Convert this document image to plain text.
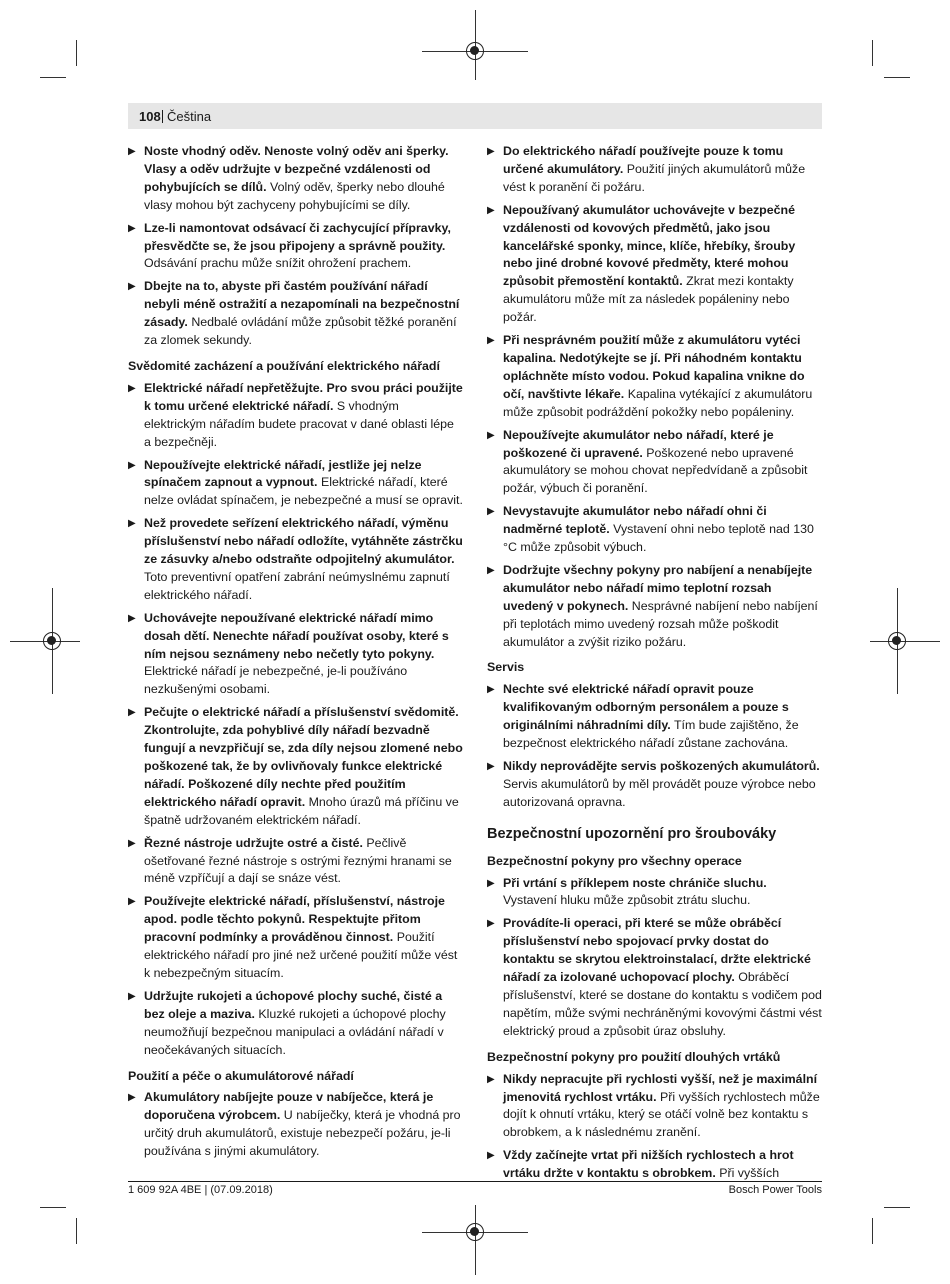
108 Čeština
▶ Noste vhodný oděv. Nenoste volný oděv ani šperky. Vlasy a oděv udržujte v bezpečné vzdálenosti od pohybujících se dílů. Volný oděv, šperky nebo dlouhé vlasy mohou být zachyceny pohybujícími se díly.
▶ Lze-li namontovat odsávací či zachycující přípravky, přesvědčte se, že jsou připojeny a správně použity. Odsávání prachu může snížit ohrožení prachem.
▶ Dbejte na to, abyste při častém používání nářadí nebyli méně ostražití a nezapomínali na bezpečnostní zásady. Nedbalé ovládání může způsobit těžké poranění za zlomek sekundy.
Svědomité zacházení a používání elektrického nářadí
▶ Elektrické nářadí nepřetěžujte. Pro svou práci použijte k tomu určené elektrické nářadí. S vhodným elektrickým nářadím budete pracovat v dané oblasti lépe a bezpečněji.
▶ Nepoužívejte elektrické nářadí, jestliže jej nelze spínačem zapnout a vypnout. Elektrické nářadí, které nelze ovládat spínačem, je nebezpečné a musí se opravit.
▶ Než provedete seřízení elektrického nářadí, výměnu příslušenství nebo nářadí odložíte, vytáhněte zástrčku ze zásuvky a/nebo odstraňte odpojitelný akumulátor. Toto preventivní opatření zabrání neúmyslnému zapnutí elektrického nářadí.
▶ Uchovávejte nepoužívané elektrické nářadí mimo dosah dětí. Nenechte nářadí používat osoby, které s ním nejsou seznámeny nebo nečetly tyto pokyny. Elektrické nářadí je nebezpečné, je-li používáno nezkušenými osobami.
▶ Pečujte o elektrické nářadí a příslušenství svědomitě. Zkontrolujte, zda pohyblivé díly nářadí bezvadně fungují a nevzpřičují se, zda díly nejsou zlomené nebo poškozené tak, že by ovlivňovaly funkce elektrické nářadí. Poškozené díly nechte před použitím elektrického nářadí opravit. Mnoho úrazů má příčinu ve špatně udržovaném elektrickém nářadí.
▶ Řezné nástroje udržujte ostré a čisté. Pečlivě ošetřované řezné nástroje s ostrými řeznými hranami se méně vzpříčují a dají se snáze vést.
▶ Používejte elektrické nářadí, příslušenství, nástroje apod. podle těchto pokynů. Respektujte přitom pracovní podmínky a prováděnou činnost. Použití elektrického nářadí pro jiné než určené použití může vést k nebezpečným situacím.
▶ Udržujte rukojeti a úchopové plochy suché, čisté a bez oleje a maziva. Kluzké rukojeti a úchopové plochy neumožňují bezpečnou manipulaci a ovládání nářadí v neočekávaných situacích.
Použití a péče o akumulátorové nářadí
▶ Akumulátory nabíjejte pouze v nabíječce, která je doporučena výrobcem. U nabíječky, která je vhodná pro určitý druh akumulátorů, existuje nebezpečí požáru, je-li používána s jinými akumulátory.
▶ Do elektrického nářadí používejte pouze k tomu určené akumulátory. Použití jiných akumulátorů může vést k poranění či požáru.
▶ Nepoužívaný akumulátor uchovávejte v bezpečné vzdálenosti od kovových předmětů, jako jsou kancelářské sponky, mince, klíče, hřebíky, šrouby nebo jiné drobné kovové předměty, které mohou způsobit přemostění kontaktů. Zkrat mezi kontakty akumulátoru může mít za následek popáleniny nebo požár.
▶ Při nesprávném použití může z akumulátoru vytéci kapalina. Nedotýkejte se jí. Při náhodném kontaktu opláchněte místo vodou. Pokud kapalina vnikne do očí, navštivte lékaře. Kapalina vytékající z akumulátoru může způsobit podráždění pokožky nebo popáleniny.
▶ Nepoužívejte akumulátor nebo nářadí, které je poškozené či upravené. Poškozené nebo upravené akumulátory se mohou chovat nepředvídaně a způsobit požár, výbuch či poranění.
▶ Nevystavujte akumulátor nebo nářadí ohni či nadměrné teplotě. Vystavení ohni nebo teplotě nad 130 °C může způsobit výbuch.
▶ Dodržujte všechny pokyny pro nabíjení a nenabíjejte akumulátor nebo nářadí mimo teplotní rozsah uvedený v pokynech. Nesprávné nabíjení nebo nabíjení při teplotách mimo uvedený rozsah může poškodit akumulátor a zvýšit riziko požáru.
Servis
▶ Nechte své elektrické nářadí opravit pouze kvalifikovaným odborným personálem a pouze s originálními náhradními díly. Tím bude zajištěno, že bezpečnost elektrického nářadí zůstane zachována.
▶ Nikdy neprovádějte servis poškozených akumulátorů. Servis akumulátorů by měl provádět pouze výrobce nebo autorizovaná opravna.
Bezpečnostní upozornění pro šroubováky
Bezpečnostní pokyny pro všechny operace
▶ Při vrtání s příklepem noste chrániče sluchu. Vystavení hluku může způsobit ztrátu sluchu.
▶ Provádíte-li operaci, při které se může obráběcí příslušenství nebo spojovací prvky dostat do kontaktu se skrytou elektroinstalací, držte elektrické nářadí za izolované uchopovací plochy. Obráběcí příslušenství, které se dostane do kontaktu s vodičem pod napětím, může svými nechráněnými kovovými částmi vést elektrický proud a způsobit úraz obsluhy.
Bezpečnostní pokyny pro použití dlouhých vrtáků
▶ Nikdy nepracujte při rychlosti vyšší, než je maximální jmenovitá rychlost vrtáku. Při vyšších rychlostech může dojít k ohnutí vrtáku, který se otáčí volně bez kontaktu s obrobkem, a k následnému zranění.
▶ Vždy začínejte vrtat při nižších rychlostech a hrot vrtáku držte v kontaktu s obrobkem. Při vyšších
1 609 92A 4BE | (07.09.2018)	Bosch Power Tools
